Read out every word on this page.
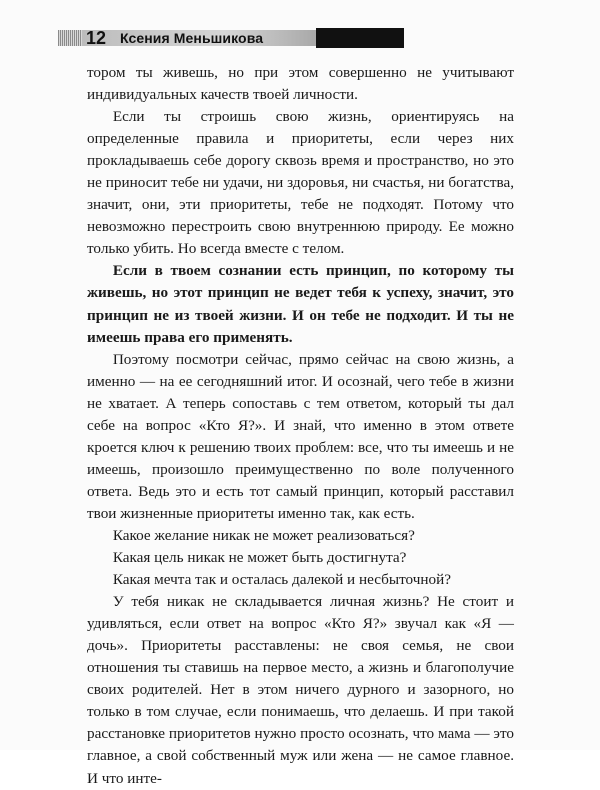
12 Ксения Меньшикова

тором ты живешь, но при этом совершенно не учитывают индивидуальных качеств твоей личности.

Если ты строишь свою жизнь, ориентируясь на определенные правила и приоритеты, если через них прокладываешь себе дорогу сквозь время и пространство, но это не приносит тебе ни удачи, ни здоровья, ни счастья, ни богатства, значит, они, эти приоритеты, тебе не подходят. Потому что невозможно перестроить свою внутреннюю природу. Ее можно только убить. Но всегда вместе с телом.

Если в твоем сознании есть принцип, по которому ты живешь, но этот принцип не ведет тебя к успеху, значит, это принцип не из твоей жизни. И он тебе не подходит. И ты не имеешь права его применять.

Поэтому посмотри сейчас, прямо сейчас на свою жизнь, а именно — на ее сегодняшний итог. И осознай, чего тебе в жизни не хватает. А теперь сопоставь с тем ответом, который ты дал себе на вопрос «Кто Я?». И знай, что именно в этом ответе кроется ключ к решению твоих проблем: все, что ты имеешь и не имеешь, произошло преимущественно по воле полученного ответа. Ведь это и есть тот самый принцип, который расставил твои жизненные приоритеты именно так, как есть.

Какое желание никак не может реализоваться?

Какая цель никак не может быть достигнута?

Какая мечта так и осталась далекой и несбыточной?

У тебя никак не складывается личная жизнь? Не стоит и удивляться, если ответ на вопрос «Кто Я?» звучал как «Я — дочь». Приоритеты расставлены: не своя семья, не свои отношения ты ставишь на первое место, а жизнь и благополучие своих родителей. Нет в этом ничего дурного и зазорного, но только в том случае, если понимаешь, что делаешь. И при такой расстановке приоритетов нужно просто осознать, что мама — это главное, а свой собственный муж или жена — не самое главное. И что инте-
